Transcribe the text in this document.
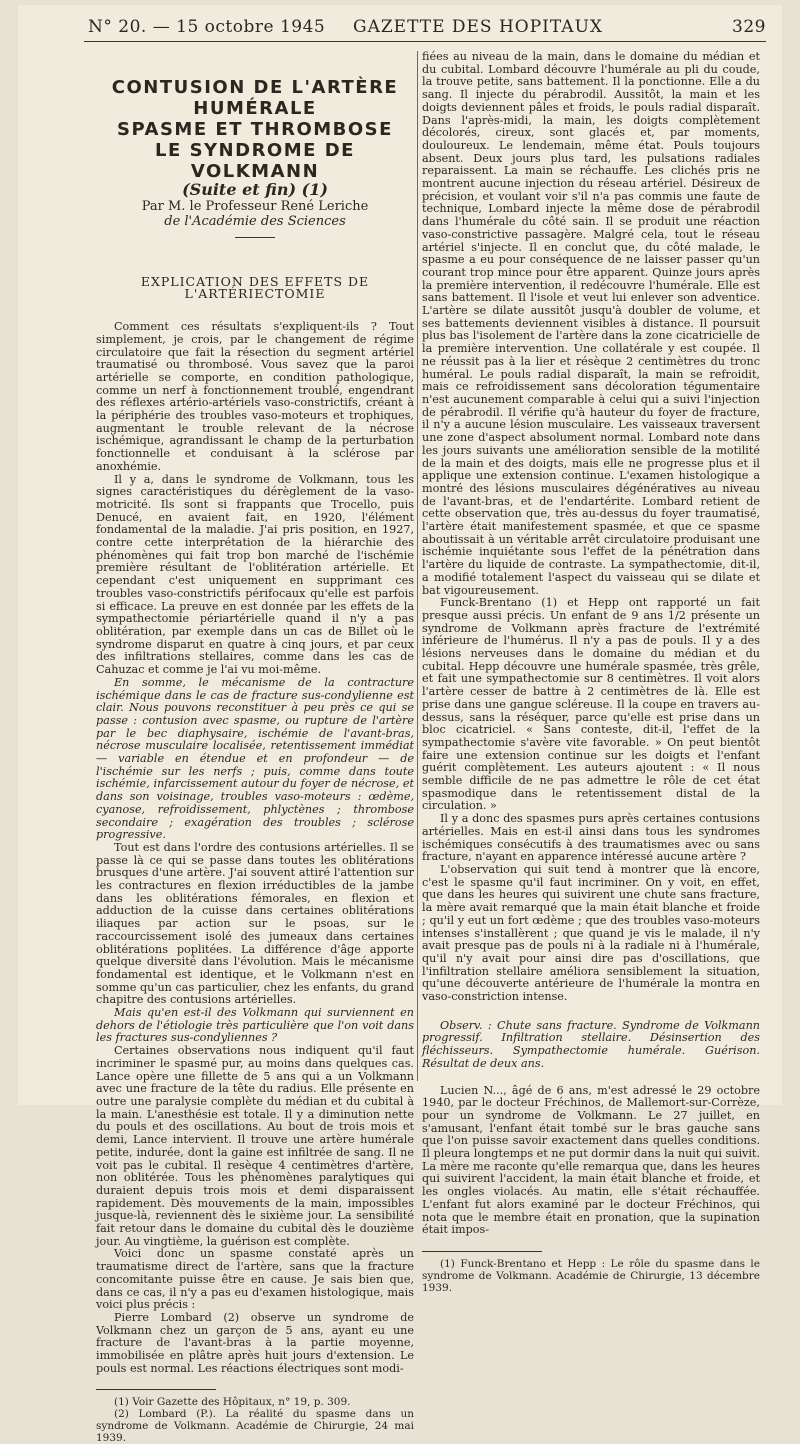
N° 20. — 15 octobre 1945 GAZETTE DES HOPITAUX	329
CONTUSION DE L'ARTÈRE HUMÉRALE
SPASME ET THROMBOSE
LE SYNDROME DE VOLKMANN
(Suite et fin) (1)
Par M. le Professeur René Leriche
de l'Académie des Sciences
EXPLICATION DES EFFETS DE L'ARTÉRIECTOMIE

Comment ces résultats s'expliquent-ils ? Tout simplement, je crois, par le changement de régime circulatoire que fait la résection du segment artériel traumatisé ou thrombosé. Vous savez que la paroi artérielle se comporte, en condition pathologique, comme un nerf à fonctionnement troublé, engendrant des réflexes artério-artériels vaso-constrictifs, créant à la périphérie des troubles vaso-moteurs et trophiques, augmentant le trouble relevant de la nécrose ischémique, agrandissant le champ de la perturbation fonctionnelle et conduisant à la sclérose par anoxhémie.

Il y a, dans le syndrome de Volkmann, tous les signes caractéristiques du dérèglement de la vaso-motricité. Ils sont si frappants que Trocello, puis Denucé, en avaient fait, en 1920, l'élément fondamental de la maladie. J'ai pris position, en 1927, contre cette interprétation de la hiérarchie des phénomènes qui fait trop bon marché de l'ischémie première résultant de l'oblitération artérielle. Et cependant c'est uniquement en supprimant ces troubles vaso-constrictifs périfocaux qu'elle est parfois si efficace. La preuve en est donnée par les effets de la sympathectomie périartérielle quand il n'y a pas oblitération, par exemple dans un cas de Billet où le syndrome disparut en quatre à cinq jours, et par ceux des infiltrations stellaires, comme dans les cas de Cahuzac et comme je l'ai vu moi-même.

En somme, le mécanisme de la contracture ischémique dans le cas de fracture sus-condylienne est clair. Nous pouvons reconstituer à peu près ce qui se passe : contusion avec spasme, ou rupture de l'artère par le bec diaphysaire, ischémie de l'avant-bras, nécrose musculaire localisée, retentissement immédiat — variable en étendue et en profondeur — de l'ischémie sur les nerfs ; puis, comme dans toute ischémie, infarcissement autour du foyer de nécrose, et dans son voisinage, troubles vaso-moteurs : œdème, cyanose, refroidissement, phlyctènes ; thrombose secondaire ; exagération des troubles ; sclérose progressive.

Tout est dans l'ordre des contusions artérielles. Il se passe là ce qui se passe dans toutes les oblitérations brusques d'une artère. J'ai souvent attiré l'attention sur les contractures en flexion irréductibles de la jambe dans les oblitérations fémorales, en flexion et adduction de la cuisse dans certaines oblitérations iliaques par action sur le psoas, sur le raccourcissement isolé des jumeaux dans certaines oblitérations poplitées. La différence d'âge apporte quelque diversité dans l'évolution. Mais le mécanisme fondamental est identique, et le Volkmann n'est en somme qu'un cas particulier, chez les enfants, du grand chapitre des contusions artérielles.

Mais qu'en est-il des Volkmann qui surviennent en dehors de l'étiologie très particulière que l'on voit dans les fractures sus-condyliennes ?

Certaines observations nous indiquent qu'il faut incriminer le spasmé pur, au moins dans quelques cas. Lance opère une fillette de 5 ans qui a un Volkmann avec une fracture de la tête du radius. Elle présente en outre une paralysie complète du médian et du cubital à la main. L'anesthésie est totale. Il y a diminution nette du pouls et des oscillations. Au bout de trois mois et demi, Lance intervient. Il trouve une artère humérale petite, indurée, dont la gaine est infiltrée de sang. Il ne voit pas le cubital. Il resèque 4 centimètres d'artère, non oblitérée. Tous les phénomènes paralytiques qui duraient depuis trois mois et demi disparaissent rapidement. Dès mouvements de la main, impossibles jusque-là, reviennent dès le sixième jour. La sensibilité fait retour dans le domaine du cubital dès le douzième jour. Au vingtième, la guérison est complète.

Voici donc un spasme constaté après un traumatisme direct de l'artère, sans que la fracture concomitante puisse être en cause. Je sais bien que, dans ce cas, il n'y a pas eu d'examen histologique, mais voici plus précis :

Pierre Lombard (2) observe un syndrome de Volkmann chez un garçon de 5 ans, ayant eu une fracture de l'avant-bras à la partie moyenne, immobilisée en plâtre après huit jours d'extension. Le pouls est normal. Les réactions électriques sont modi-

(1) Voir Gazette des Hôpitaux, n° 19, p. 309.

(2) Lombard (P.). La réalité du spasme dans un syndrome de Volkmann. Académie de Chirurgie, 24 mai 1939.

fiées au niveau de la main, dans le domaine du médian et du cubital. Lombard découvre l'humérale au pli du coude, la trouve petite, sans battement. Il la ponctionne. Elle a du sang. Il injecte du pérabrodil. Aussitôt, la main et les doigts deviennent pâles et froids, le pouls radial disparaît. Dans l'après-midi, la main, les doigts complètement décolorés, cireux, sont glacés et, par moments, douloureux. Le lendemain, même état. Pouls toujours absent. Deux jours plus tard, les pulsations radiales reparaissent. La main se réchauffe. Les clichés pris ne montrent aucune injection du réseau artériel. Désireux de précision, et voulant voir s'il n'a pas commis une faute de technique, Lombard injecte la même dose de pérabrodil dans l'humérale du côté sain. Il se produit une réaction vaso-constrictive passagère. Malgré cela, tout le réseau artériel s'injecte. Il en conclut que, du côté malade, le spasme a eu pour conséquence de ne laisser passer qu'un courant trop mince pour être apparent. Quinze jours après la première intervention, il redécouvre l'humérale. Elle est sans battement. Il l'isole et veut lui enlever son adventice. L'artère se dilate aussitôt jusqu'à doubler de volume, et ses battements deviennent visibles à distance. Il poursuit plus bas l'isolement de l'artère dans la zone cicatricielle de la première intervention. Une collatérale y est coupée. Il ne réussit pas à la lier et résèque 2 centimètres du tronc huméral. Le pouls radial disparaît, la main se refroidit, mais ce refroidissement sans décoloration tégumentaire n'est aucunement comparable à celui qui a suivi l'injection de pérabrodil. Il vérifie qu'à hauteur du foyer de fracture, il n'y a aucune lésion musculaire. Les vaisseaux traversent une zone d'aspect absolument normal. Lombard note dans les jours suivants une amélioration sensible de la motilité de la main et des doigts, mais elle ne progresse plus et il applique une extension continue. L'examen histologique a montré des lésions musculaires dégénératives au niveau de l'avant-bras, et de l'endartérite. Lombard retient de cette observation que, très au-dessus du foyer traumatisé, l'artère était manifestement spasmée, et que ce spasme aboutissait à un véritable arrêt circulatoire produisant une ischémie inquiétante sous l'effet de la pénétration dans l'artère du liquide de contraste. La sympathectomie, dit-il, a modifié totalement l'aspect du vaisseau qui se dilate et bat vigoureusement.

Funck-Brentano (1) et Hepp ont rapporté un fait presque aussi précis. Un enfant de 9 ans 1/2 présente un syndrome de Volkmann après fracture de l'extrémité inférieure de l'humérus. Il n'y a pas de pouls. Il y a des lésions nerveuses dans le domaine du médian et du cubital. Hepp découvre une humérale spasmée, très grêle, et fait une sympathectomie sur 8 centimètres. Il voit alors l'artère cesser de battre à 2 centimètres de là. Elle est prise dans une gangue scléreuse. Il la coupe en travers au-dessus, sans la réséquer, parce qu'elle est prise dans un bloc cicatriciel. « Sans conteste, dit-il, l'effet de la sympathectomie s'avère vite favorable. » On peut bientôt faire une extension continue sur les doigts et l'enfant guérit complètement. Les auteurs ajoutent : « Il nous semble difficile de ne pas admettre le rôle de cet état spasmodique dans le retentissement distal de la circulation. »

Il y a donc des spasmes purs après certaines contusions artérielles. Mais en est-il ainsi dans tous les syndromes ischémiques consécutifs à des traumatismes avec ou sans fracture, n'ayant en apparence intéressé aucune artère ?

L'observation qui suit tend à montrer que là encore, c'est le spasme qu'il faut incriminer. On y voit, en effet, que dans les heures qui suivirent une chute sans fracture, la mère avait remarqué que la main était blanche et froide ; qu'il y eut un fort œdème ; que des troubles vaso-moteurs intenses s'installèrent ; que quand je vis le malade, il n'y avait presque pas de pouls ni à la radiale ni à l'humérale, qu'il n'y avait pour ainsi dire pas d'oscillations, que l'infiltration stellaire améliora sensiblement la situation, qu'une découverte antérieure de l'humérale la montra en vaso-constriction intense.

Observ. : Chute sans fracture. Syndrome de Volkmann progressif. Infiltration stellaire. Désinsertion des fléchisseurs. Sympathectomie humérale. Guérison. Résultat de deux ans.

Lucien N..., âgé de 6 ans, m'est adressé le 29 octobre 1940, par le docteur Fréchinos, de Mallemort-sur-Corrèze, pour un syndrome de Volkmann. Le 27 juillet, en s'amusant, l'enfant était tombé sur le bras gauche sans que l'on puisse savoir exactement dans quelles conditions. Il pleura longtemps et ne put dormir dans la nuit qui suivit. La mère me raconte qu'elle remarqua que, dans les heures qui suivirent l'accident, la main était blanche et froide, et les ongles violacés. Au matin, elle s'était réchauffée. L'enfant fut alors examiné par le docteur Fréchinos, qui nota que le membre était en pronation, que la supination était impos-

(1) Funck-Brentano et Hepp : Le rôle du spasme dans le syndrome de Volkmann. Académie de Chirurgie, 13 décembre 1939.
